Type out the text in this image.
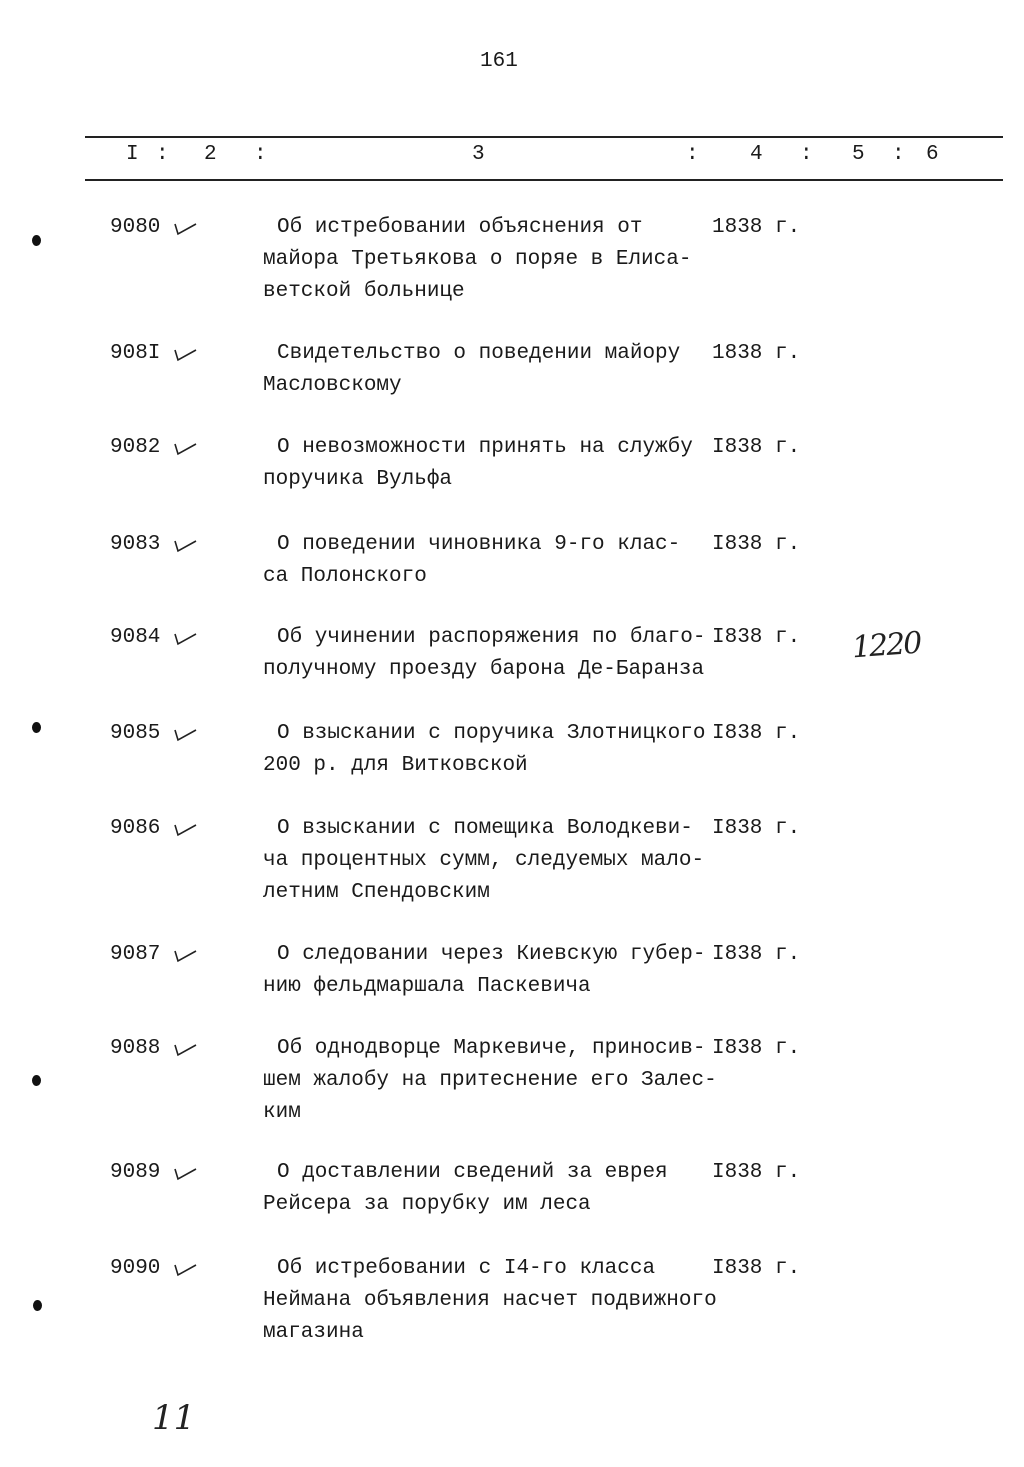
161
I : 2 :	3	: 4 : 5 : 6
9080	Об истребовании объяснения от
майора Третьякова о поряе в Елиса-
ветской больнице
1838 г.
908I	Свидетельство о поведении майору
Масловскому
1838 г.
9082	О невозможности принять на службу
поручика Вульфа
I838 г.
9083	О поведении чиновника 9-го клас-
са Полонского
I838 г.
9084	Об учинении распоряжения по благо-
получному проезду барона Де-Баранза
I838 г.
9085	О взыскании с поручика Злотницкого
200 р. для Витковской
I838 г.
9086	О взыскании с помещика Володкеви-
ча процентных сумм, следуемых мало-
летним Спендовским
I838 г.
9087	О следовании через Киевскую губер-
нию фельдмаршала Паскевича
I838 г.
9088	Об однодворце Маркевиче, приносив-
шем жалобу на притеснение его Залес-
ким
I838 г.
9089	О доставлении сведений за еврея
Рейсера за порубку им леса
I838 г.
9090	Об истребовании с I4-го класса
Неймана объявления насчет подвижного
магазина
I838 г.
1220
11
